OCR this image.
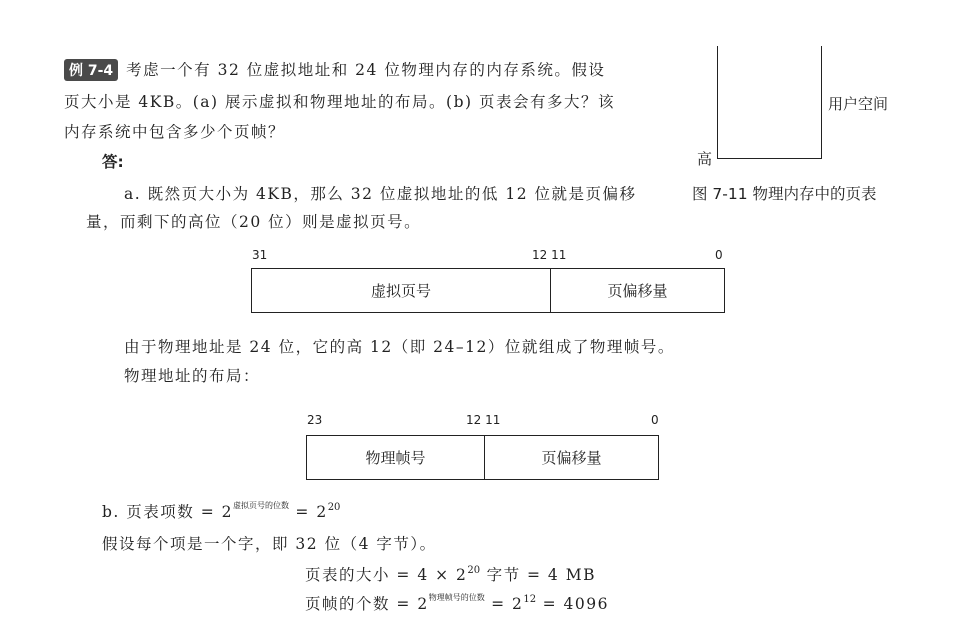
例 7-4 考虑一个有 32 位虚拟地址和 24 位物理内存的内存系统。假设
页大小是 4KB。(a) 展示虚拟和物理地址的布局。(b) 页表会有多大？该
内存系统中包含多少个页帧？
答:
a. 既然页大小为 4KB，那么 32 位虚拟地址的低 12 位就是页偏移
量，而剩下的高位（20 位）则是虚拟页号。
31	12 11	0
虚拟页号	页偏移量
由于物理地址是 24 位，它的高 12（即 24–12）位就组成了物理帧号。
物理地址的布局：
23	12 11	0
物理帧号	页偏移量
b. 页表项数 = $2^{虚拟页号的位数} = 2^{20}$
假设每个项是一个字，即 32 位（4 字节）。
页表的大小 = $4 \times 2^{20}$ 字节 = 4 MB
页帧的个数 = $2^{物理帧号的位数} = 2^{12} = 4096$
用户空间
高
图 7-11 物理内存中的页表
